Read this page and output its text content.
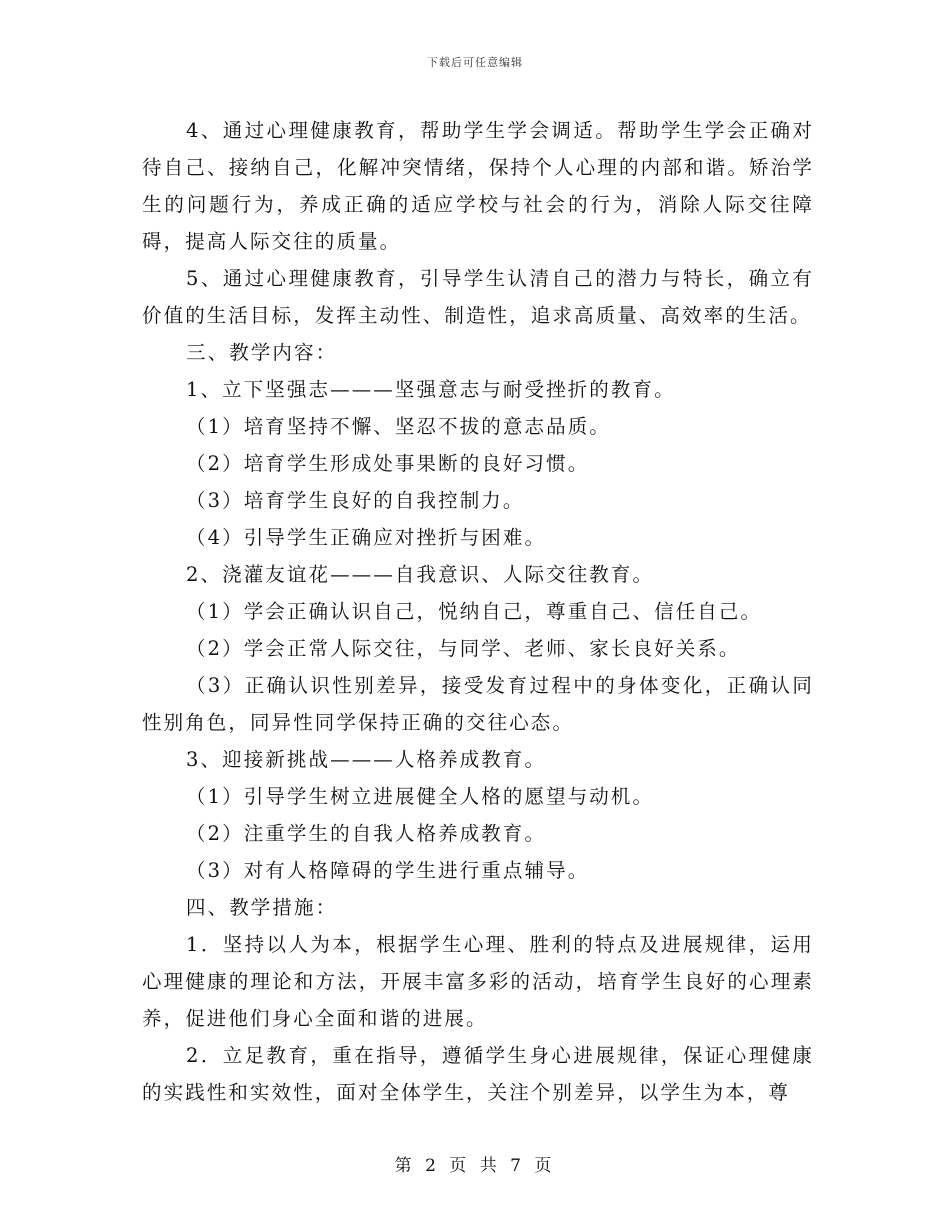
下载后可任意编辑

4、通过心理健康教育，帮助学生学会调适。帮助学生学会正确对待自己、接纳自己，化解冲突情绪，保持个人心理的内部和谐。矫治学生的问题行为，养成正确的适应学校与社会的行为，消除人际交往障碍，提高人际交往的质量。

5、通过心理健康教育，引导学生认清自己的潜力与特长，确立有价值的生活目标，发挥主动性、制造性，追求高质量、高效率的生活。

三、教学内容：

1、立下坚强志———坚强意志与耐受挫折的教育。

（1）培育坚持不懈、坚忍不拔的意志品质。

（2）培育学生形成处事果断的良好习惯。

（3）培育学生良好的自我控制力。

（4）引导学生正确应对挫折与困难。

2、浇灌友谊花———自我意识、人际交往教育。

（1）学会正确认识自己，悦纳自己，尊重自己、信任自己。

（2）学会正常人际交往，与同学、老师、家长良好关系。

（3）正确认识性别差异，接受发育过程中的身体变化，正确认同性别角色，同异性同学保持正确的交往心态。

3、迎接新挑战———人格养成教育。

（1）引导学生树立进展健全人格的愿望与动机。

（2）注重学生的自我人格养成教育。

（3）对有人格障碍的学生进行重点辅导。

四、教学措施：

1．坚持以人为本，根据学生心理、胜利的特点及进展规律，运用心理健康的理论和方法，开展丰富多彩的活动，培育学生良好的心理素养，促进他们身心全面和谐的进展。

2．立足教育，重在指导，遵循学生身心进展规律，保证心理健康的实践性和实效性，面对全体学生，关注个别差异，以学生为本，尊

第 2 页 共 7 页
